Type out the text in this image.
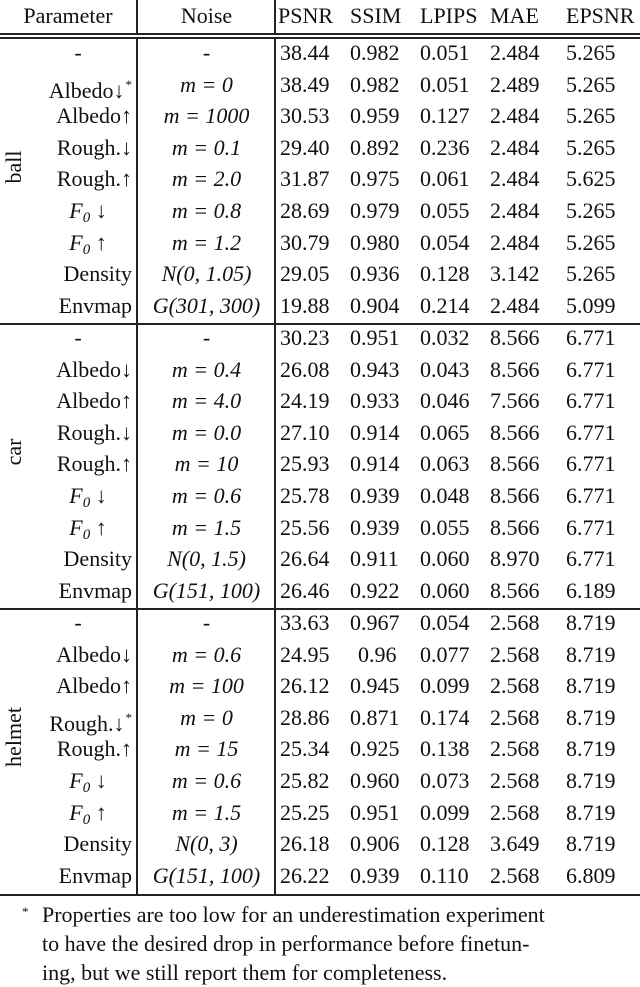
Parameter	Noise	PSNR SSIM LPIPS MAE EPSNR
ball
-	-	38.44 0.982 0.051 2.484 5.265
Albedo↓*	m = 0	38.49 0.982 0.051 2.489 5.265
Albedo↑	m = 1000	30.53 0.959 0.127 2.484 5.265
Rough.↓	m = 0.1	29.40 0.892 0.236 2.484 5.265
Rough.↑	m = 2.0	31.87 0.975 0.061 2.484 5.625
$F_0$ ↓	m = 0.8	28.69 0.979 0.055 2.484 5.265
$F_0$ ↑	m = 1.2	30.79 0.980 0.054 2.484 5.265
Density	N(0, 1.05)	29.05 0.936 0.128 3.142 5.265
Envmap G(301, 300) 19.88 0.904 0.214 2.484 5.099
car
-	-	30.23 0.951 0.032 8.566 6.771
Albedo↓	m = 0.4	26.08 0.943 0.043 8.566 6.771
Albedo↑	m = 4.0	24.19 0.933 0.046 7.566 6.771
Rough.↓	m = 0.0	27.10 0.914 0.065 8.566 6.771
Rough.↑	m = 10	25.93 0.914 0.063 8.566 6.771
$F_0$ ↓	m = 0.6	25.78 0.939 0.048 8.566 6.771
$F_0$ ↑	m = 1.5	25.56 0.939 0.055 8.566 6.771
Density	N(0, 1.5)	26.64 0.911 0.060 8.970 6.771
Envmap G(151, 100) 26.46 0.922 0.060 8.566 6.189
helmet
-	-	33.63 0.967 0.054 2.568 8.719
Albedo↓	m = 0.6	24.95 0.96 0.077 2.568 8.719
Albedo↑	m = 100	26.12 0.945 0.099 2.568 8.719
Rough.↓*	m = 0	28.86 0.871 0.174 2.568 8.719
Rough.↑	m = 15	25.34 0.925 0.138 2.568 8.719
$F_0$ ↓	m = 0.6	25.82 0.960 0.073 2.568 8.719
$F_0$ ↑	m = 1.5	25.25 0.951 0.099 2.568 8.719
Density	N(0, 3)	26.18 0.906 0.128 3.649 8.719
Envmap G(151, 100) 26.22 0.939 0.110 2.568 6.809
* Properties are too low for an underestimation experiment
to have the desired drop in performance before finetun-
ing, but we still report them for completeness.
